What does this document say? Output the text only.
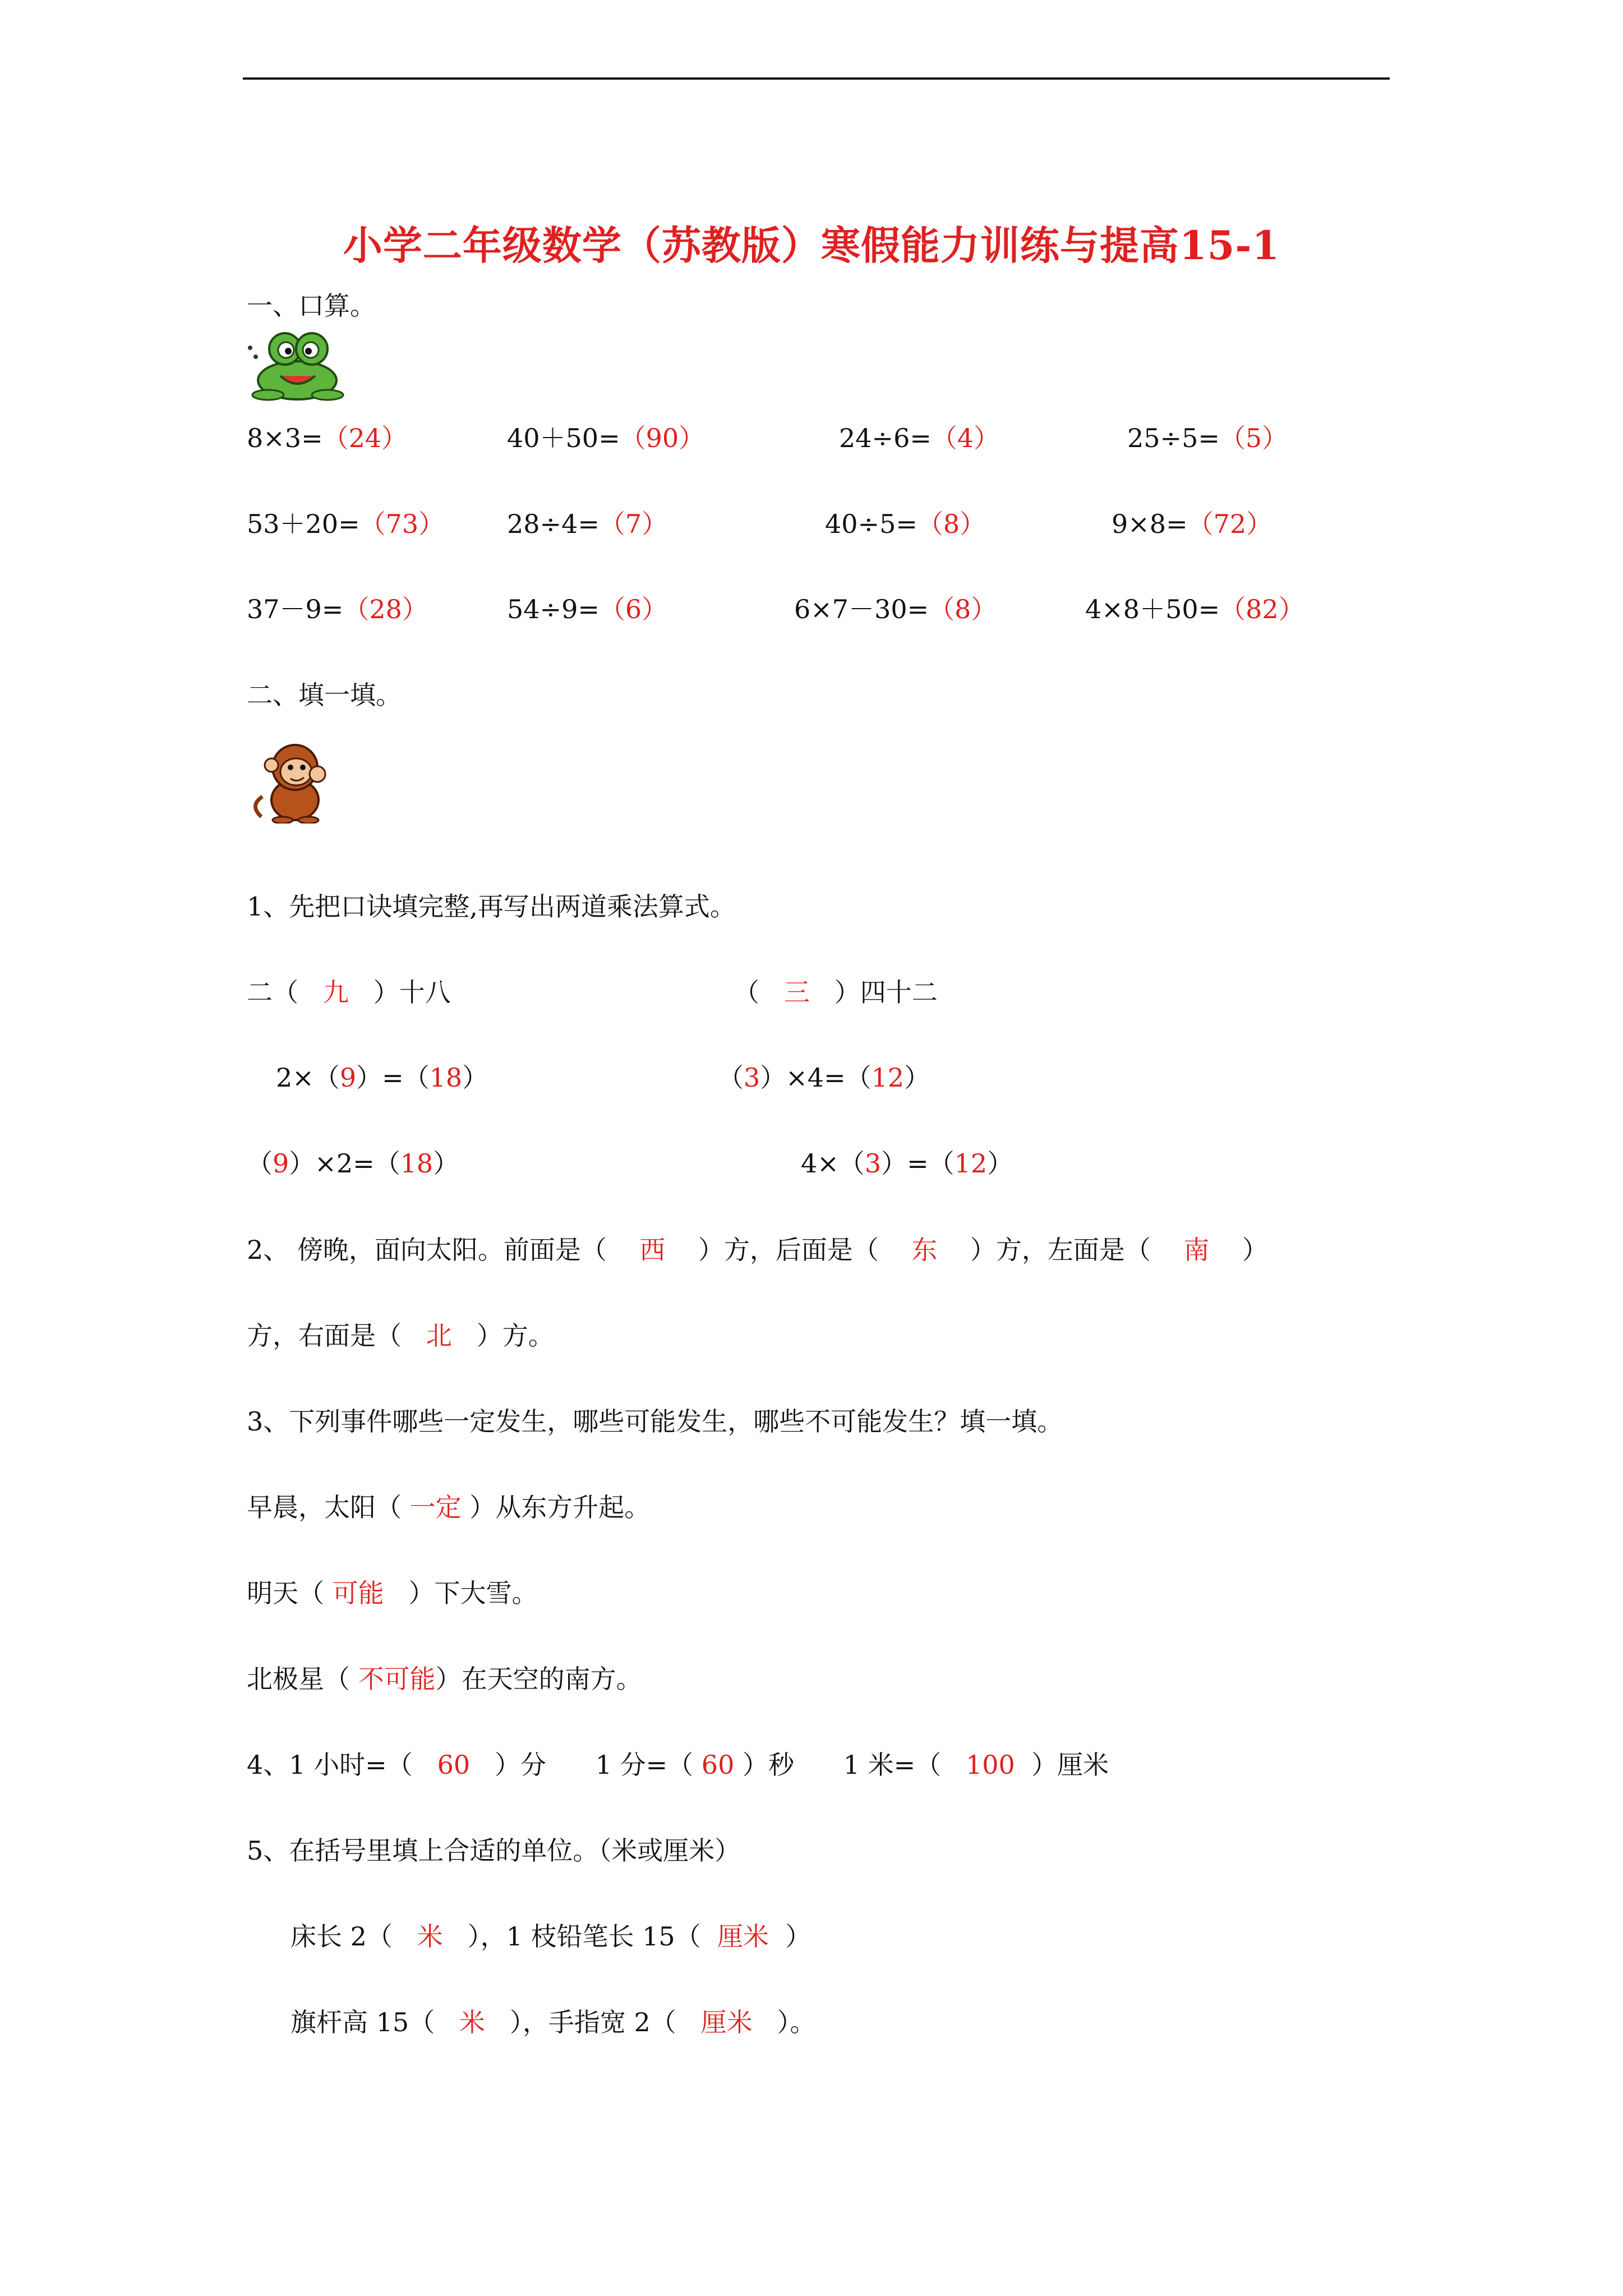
小学二年级数学（苏教版）寒假能力训练与提高15-1
一、口算。
8×3=（24）	40＋50=（90）	24÷6=（4）	25÷5=（5）
53＋20=（73） 28÷4=（7）	40÷5=（8）	9×8=（72）
37－9=（28）	54÷9=（6）	6×7－30=（8）	4×8＋50=（82）
二、填一填。
1、先把口诀填完整,再写出两道乘法算式。
二（ 九 ）十八	（ 三 ）四十二
2×（9）=（18）	（3）×4=（12）
（9）×2=（18）	4×（3）=（12）
2、 傍晚，面向太阳。前面是（ 西 ）方，后面是（ 东 ）方，左面是（ 南 ）
方，右面是（ 北 ）方。
3、下列事件哪些一定发生，哪些可能发生，哪些不可能发生？填一填。
早晨，太阳（ 一定 ）从东方升起。
明天（ 可能 ）下大雪。
北极星（ 不可能）在天空的南方。
4、1 小时=（ 60 ）分 1 分=（ 60 ）秒 1 米=（ 100 ）厘米
5、在括号里填上合适的单位。（米或厘米）
床长 2（ 米 ），1 枝铅笔长 15（ 厘米 ）
旗杆高 15（ 米 ），手指宽 2（ 厘米 ）。
